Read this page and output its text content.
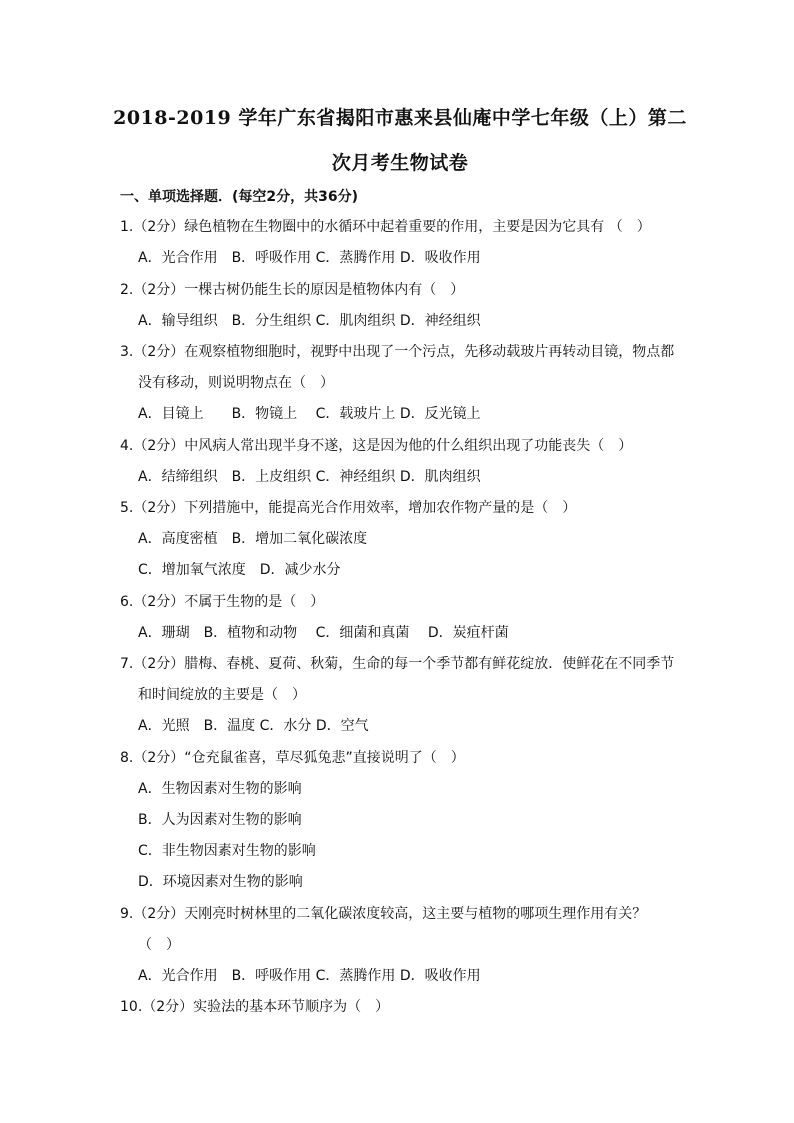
2018-2019 学年广东省揭阳市惠来县仙庵中学七年级（上）第二
次月考生物试卷
一、单项选择题．(每空2分，共36分)
1.（2分）绿色植物在生物圈中的水循环中起着重要的作用，主要是因为它具有 （　）
A．光合作用　B．呼吸作用 C．蒸腾作用 D．吸收作用
2.（2分）一棵古树仍能生长的原因是植物体内有（　）
A．输导组织　B．分生组织 C．肌肉组织 D．神经组织
3.（2分）在观察植物细胞时，视野中出现了一个污点，先移动载玻片再转动目镜，物点都
没有移动，则说明物点在（　）
A．目镜上　　B．物镜上　 C．载玻片上 D．反光镜上
4.（2分）中风病人常出现半身不遂，这是因为他的什么组织出现了功能丧失（　）
A．结缔组织　B．上皮组织 C．神经组织 D．肌肉组织
5.（2分）下列措施中，能提高光合作用效率，增加农作物产量的是（　）
A．高度密植　B．增加二氧化碳浓度
C．增加氧气浓度　D．减少水分
6.（2分）不属于生物的是（　）
A．珊瑚　B．植物和动物　 C．细菌和真菌　 D．炭疽杆菌
7.（2分）腊梅、春桃、夏荷、秋菊，生命的每一个季节都有鲜花绽放．使鲜花在不同季节
和时间绽放的主要是（　）
A．光照　B．温度 C．水分 D．空气
8.（2分）“仓充鼠雀喜，草尽狐兔悲”直接说明了（　）
A．生物因素对生物的影响
B．人为因素对生物的影响
C．非生物因素对生物的影响
D．环境因素对生物的影响
9.（2分）天刚亮时树林里的二氧化碳浓度较高，这主要与植物的哪项生理作用有关？
（　）
A．光合作用　B．呼吸作用 C．蒸腾作用 D．吸收作用
10.（2分）实验法的基本环节顺序为（　）
